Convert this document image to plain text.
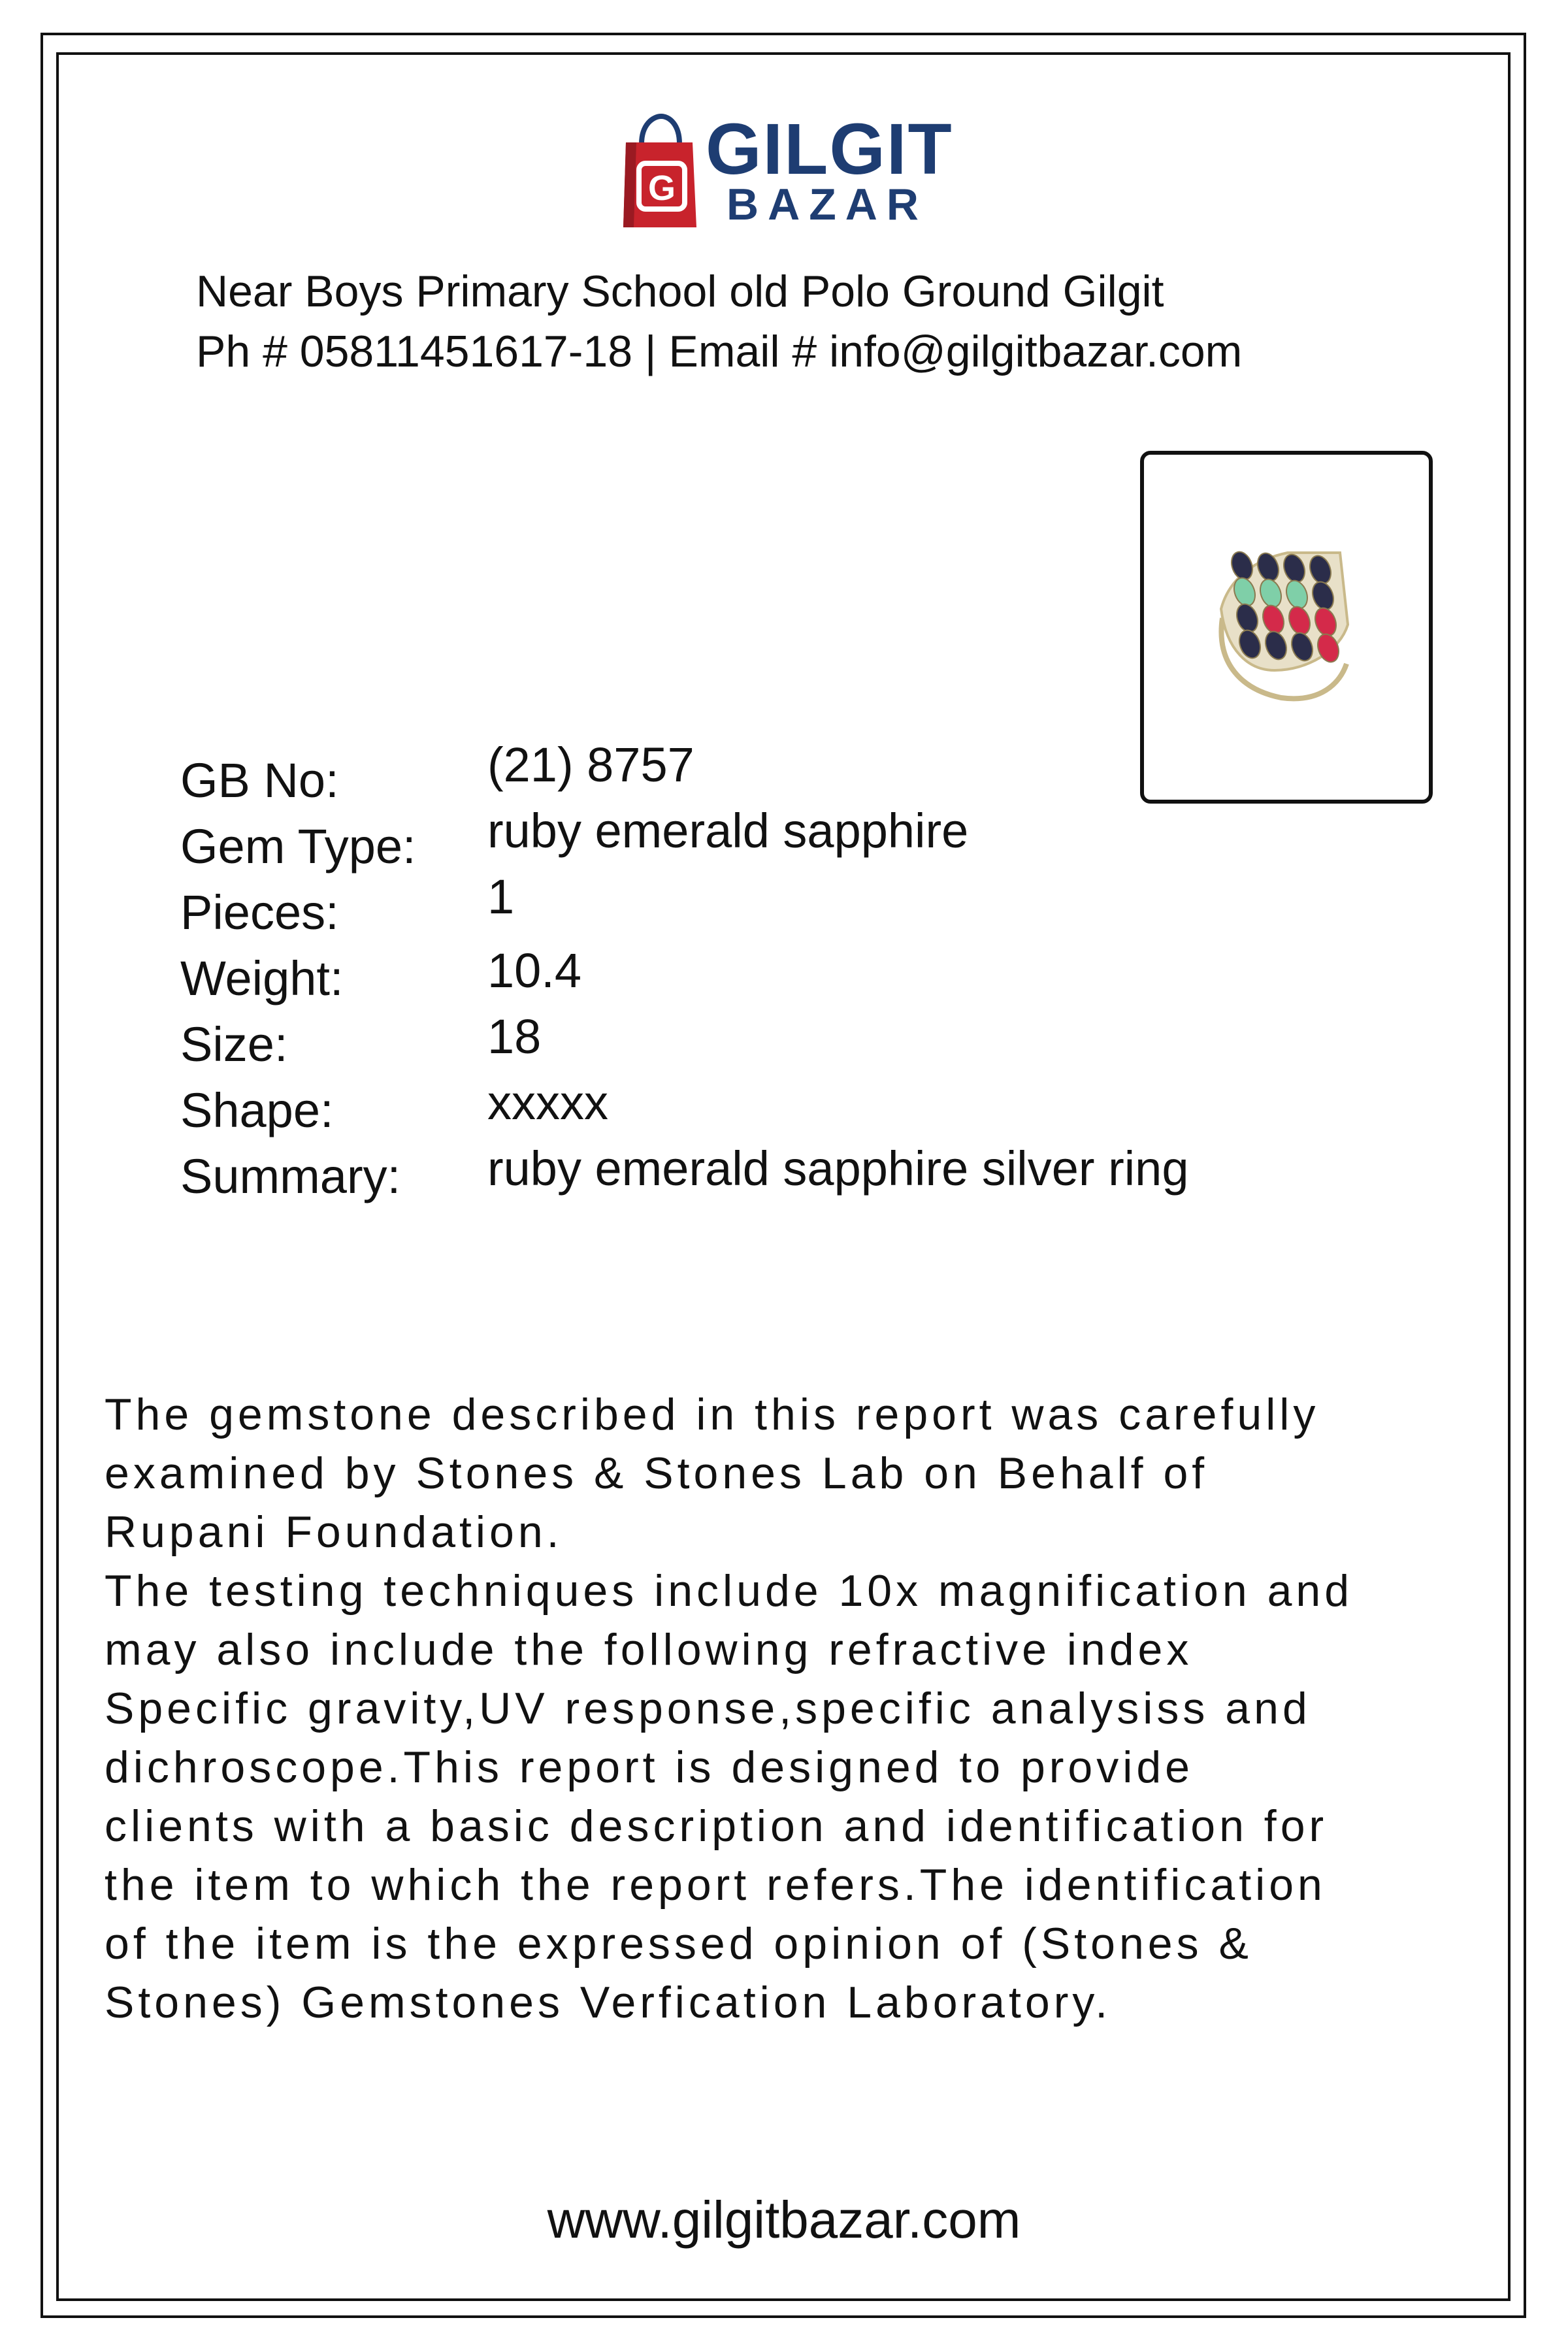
G GILGIT
BAZAR
Near Boys Primary School old Polo Ground Gilgit
Ph # 05811451617-18 | Email # info@gilgitbazar.com
GB No:	(21) 8757
Gem Type: ruby emerald sapphire
Pieces:	1
Weight:	10.4
Size:	18
Shape:	xxxxx
Summary: ruby emerald sapphire silver ring

The gemstone described in this report was carefully
examined by Stones & Stones Lab on Behalf of
Rupani Foundation.

The testing techniques include 10x magnification and
may also include the following refractive index
Specific gravity,UV response,specific analysiss and
dichroscope.This report is designed to provide
clients with a basic description and identification for
the item to which the report refers.The identification
of the item is the expressed opinion of (Stones &
Stones) Gemstones Verfication Laboratory.

www.gilgitbazar.com
